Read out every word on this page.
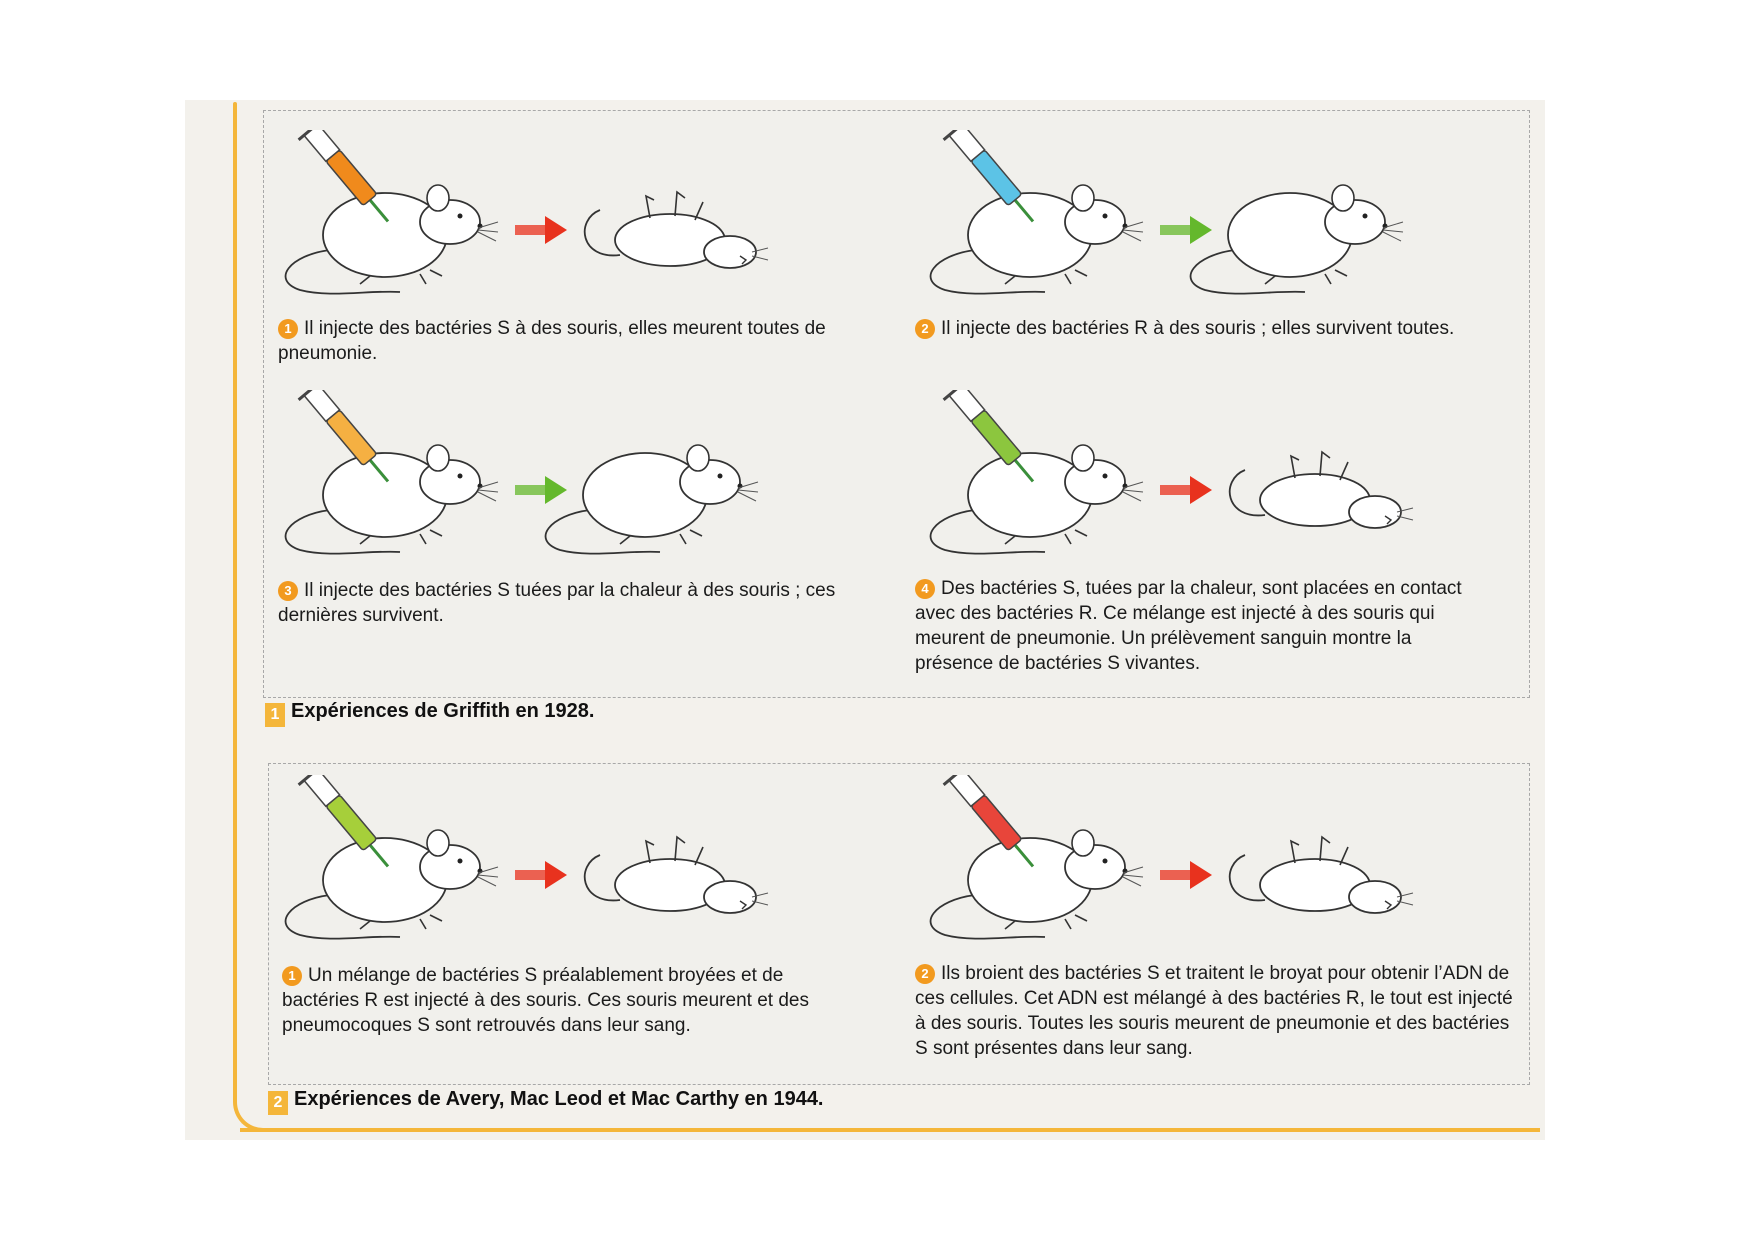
1 Il injecte des bactéries S à des souris, elles meurent toutes de pneumonie.
2 Il injecte des bactéries R à des souris ; elles survivent toutes.
3 Il injecte des bactéries S tuées par la chaleur à des souris ; ces dernières survivent.
4 Des bactéries S, tuées par la chaleur, sont placées en contact avec des bactéries R. Ce mélange est injecté à des souris qui meurent de pneumonie. Un prélèvement sanguin montre la présence de bactéries S vivantes.
1 Expériences de Griffith en 1928.
1 Un mélange de bactéries S préalablement broyées et de bactéries R est injecté à des souris. Ces souris meurent et des pneumocoques S sont retrouvés dans leur sang.
2 Ils broient des bactéries S et traitent le broyat pour obtenir l’ADN de ces cellules. Cet ADN est mélangé à des bactéries R, le tout est injecté à des souris. Toutes les souris meurent de pneumonie et des bactéries S sont présentes dans leur sang.
2 Expériences de Avery, Mac Leod et Mac Carthy en 1944.
